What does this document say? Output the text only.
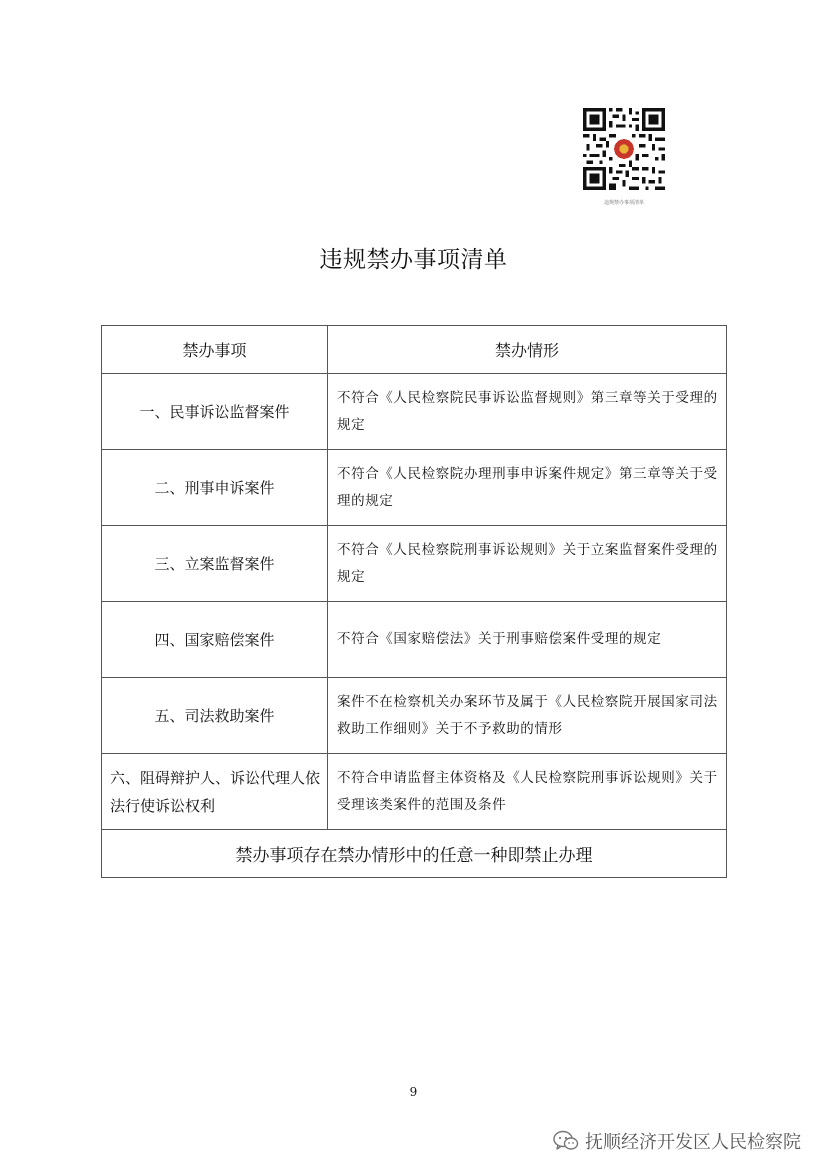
违规禁办事项清单
违规禁办事项清单
禁办事项	禁办情形
一、民事诉讼监督案件	不符合《人民检察院民事诉讼监督规则》第三章等关于受理的规定
二、刑事申诉案件	不符合《人民检察院办理刑事申诉案件规定》第三章等关于受理的规定
三、立案监督案件	不符合《人民检察院刑事诉讼规则》关于立案监督案件受理的规定
四、国家赔偿案件	不符合《国家赔偿法》关于刑事赔偿案件受理的规定
五、司法救助案件	案件不在检察机关办案环节及属于《人民检察院开展国家司法救助工作细则》关于不予救助的情形
六、阻碍辩护人、诉讼代理人依法行使诉讼权利	不符合申请监督主体资格及《人民检察院刑事诉讼规则》关于受理该类案件的范围及条件
禁办事项存在禁办情形中的任意一种即禁止办理	
9
抚顺经济开发区人民检察院
